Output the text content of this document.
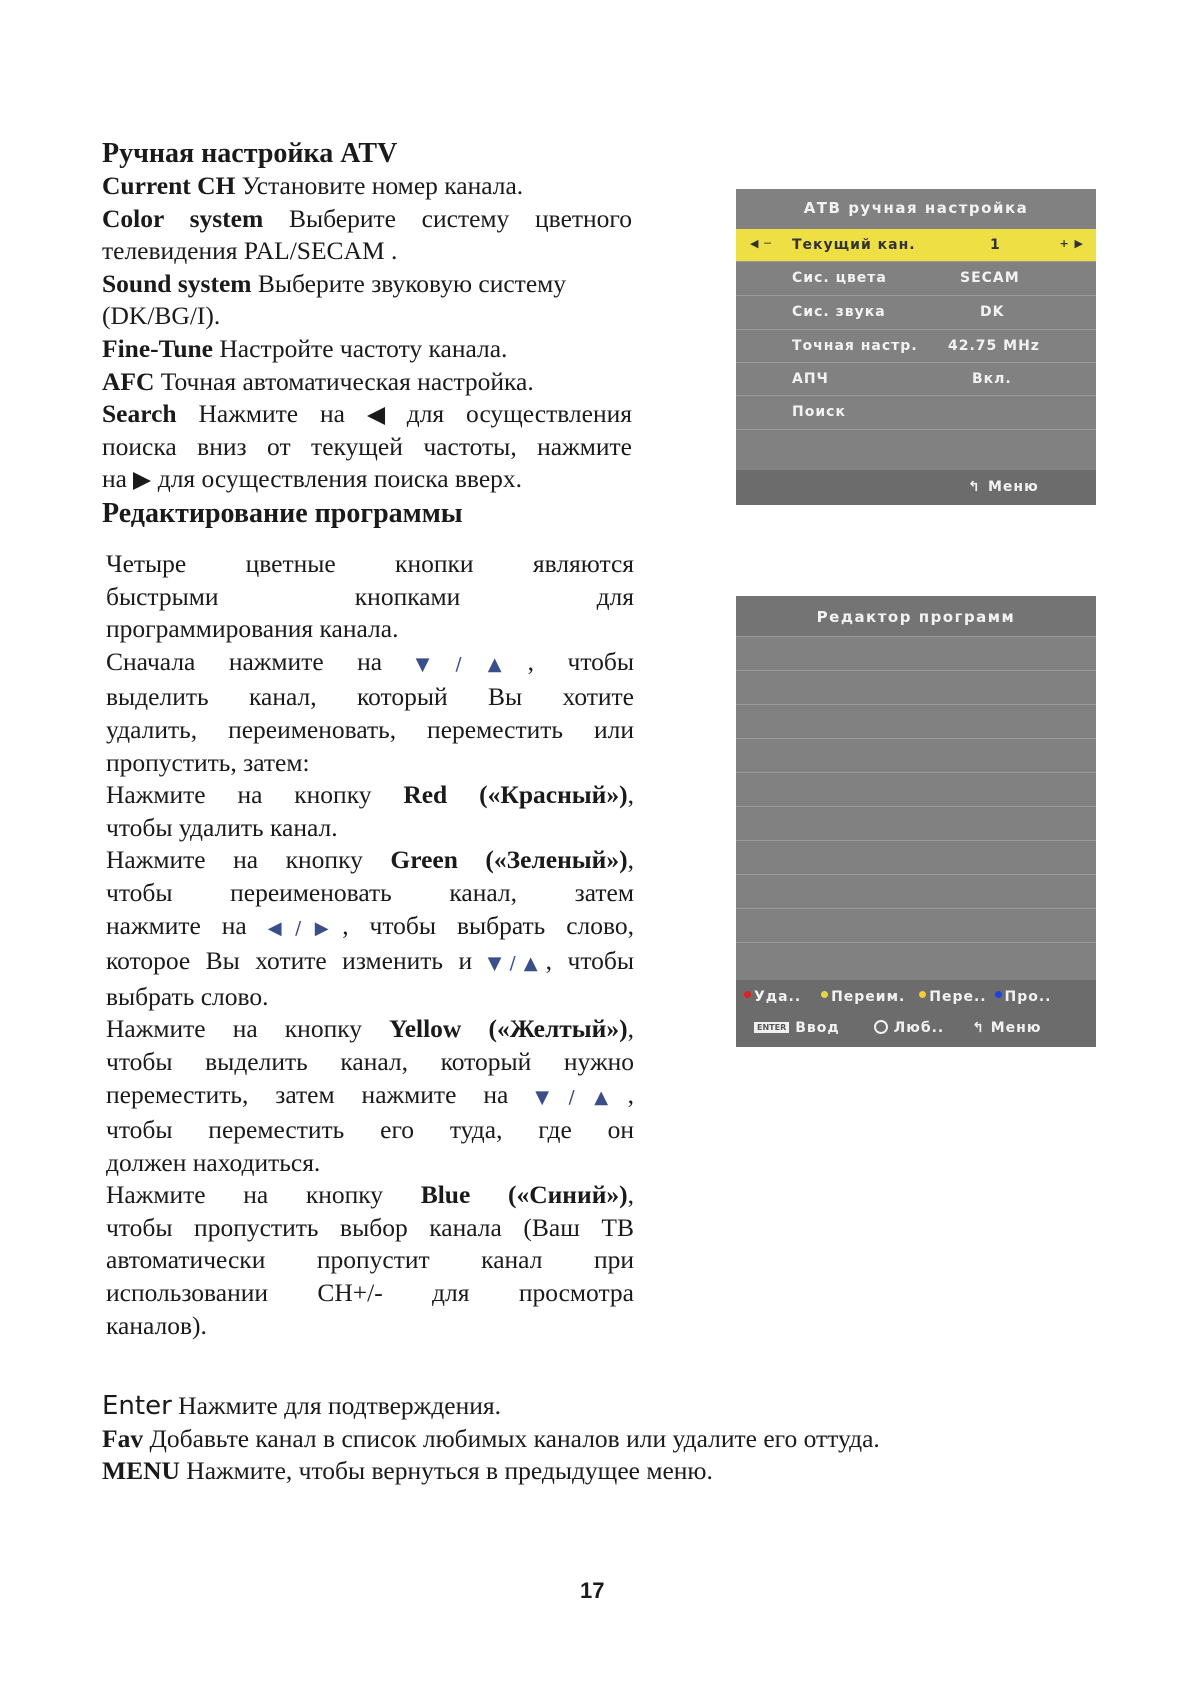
Ручная настройка ATV

Current CH Установите номер канала.

Color system Выберите систему цветного

телевидения PAL/SECAM .

Sound system Выберите звуковую систему

(DK/BG/I).

Fine-Tune Настройте частоту канала.

AFC Точная автоматическая настройка.

Search Нажмите на  для осуществления

поиска вниз от текущей частоты, нажмите

на  для осуществления поиска вверх.

Редактирование программы

Четыре цветные кнопки являются

быстрыми кнопками для

программирования канала.

Сначала нажмите на ▼/▲, чтобы

выделить канал, который Вы хотите

удалить, переименовать, переместить или

пропустить, затем:

Нажмите на кнопку Red («Красный»),

чтобы удалить канал.

Нажмите на кнопку Green («Зеленый»),

чтобы переименовать канал, затем

нажмите на ◀/▶, чтобы выбрать слово,

которое Вы хотите изменить и ▼/▲, чтобы

выбрать слово.

Нажмите на кнопку Yellow («Желтый»),

чтобы выделить канал, который нужно

переместить, затем нажмите на ▼/▲,

чтобы переместить его туда, где он

должен находиться.

Нажмите на кнопку Blue («Синий»),

чтобы пропустить выбор канала (Ваш ТВ

автоматически пропустит канал при

использовании CH+/- для просмотра

каналов).

Enter Нажмите для подтверждения.

Fav Добавьте канал в список любимых каналов или удалите его оттуда.

MENU Нажмите, чтобы вернуться в предыдущее меню.

АТВ ручная настройка
◀ ─ Текущий кан.	1	+ ▶
Сис. цвета	SECAM
Сис. звука	DK
Точная настр. 42.75 MHz
АПЧ	Вкл.
Поиск
↰ Меню
Редактор программ
Уда.. Переим. Пере.. Про..
ENTER Ввод	Люб.. ↰ Меню
17
